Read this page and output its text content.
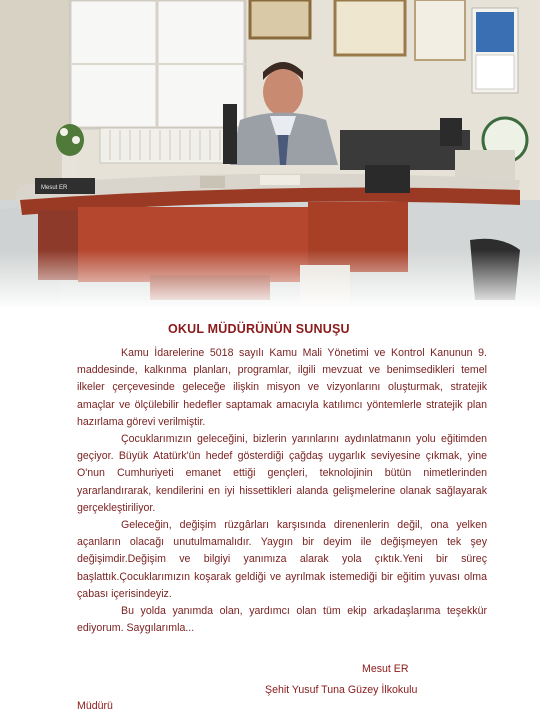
Mesut ER
OKUL MÜDÜRÜNÜN SUNUŞU

Kamu İdarelerine 5018 sayılı Kamu Mali Yönetimi ve Kontrol Kanunun 9. maddesinde, kalkınma planları, programlar, ilgili mevzuat ve benimsedikleri temel ilkeler çerçevesinde geleceğe ilişkin misyon ve vizyonlarını oluşturmak, stratejik amaçlar ve ölçülebilir hedefler saptamak amacıyla katılımcı yöntemlerle stratejik plan hazırlama görevi verilmiştir.

Çocuklarımızın geleceğini, bizlerin yarınlarını aydınlatmanın yolu eğitimden geçiyor. Büyük Atatürk'ün hedef gösterdiği çağdaş uygarlık seviyesine çıkmak, yine O'nun Cumhuriyeti emanet ettiği gençleri, teknolojinin bütün nimetlerinden yararlandırarak, kendilerini en iyi hissettikleri alanda gelişmelerine olanak sağlayarak gerçekleştiriliyor.

Geleceğin, değişim rüzgârları karşısında direnenlerin değil, ona yelken açanların olacağı unutulmamalıdır. Yaygın bir deyim ile değişmeyen tek şey değişimdir.Değişim ve bilgiyi yanımıza alarak yola çıktık.Yeni bir süreç başlattık.Çocuklarımızın koşarak geldiği ve ayrılmak istemediği bir eğitim yuvası olma çabası içerisindeyiz.

Bu yolda yanımda olan, yardımcı olan tüm ekip arkadaşlarıma teşekkür ediyorum. Saygılarımla...

Mesut ER
Şehit Yusuf Tuna Güzey İlkokulu
Müdürü
